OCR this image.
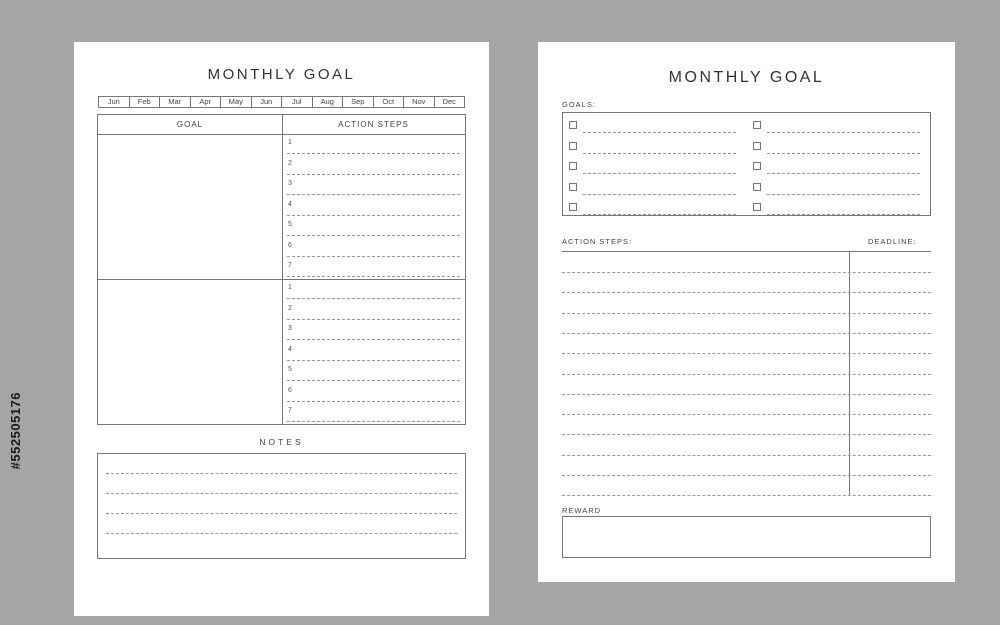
#552505176
MONTHLY GOAL
Jun	Feb	Mar	Apr	May	Jun	Jul	Aug	Sep	Oct	Nov	Dec
GOAL	ACTION STEPS
1
2
3
4
5
6
7
1
2
3
4
5
6
7
NOTES
MONTHLY GOAL
GOALS:
ACTION STEPS:	DEADLINE:
REWARD
